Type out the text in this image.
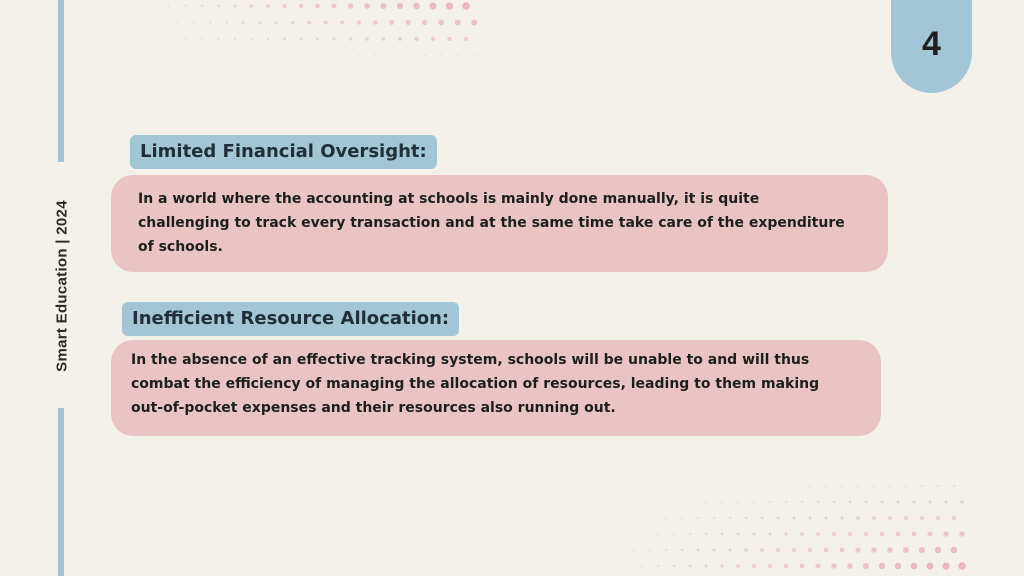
Smart Education | 2024
4
Limited Financial Oversight:
In a world where the accounting at schools is mainly done manually, it is quite challenging to track every transaction and at the same time take care of the expenditure of schools.
Inefficient Resource Allocation:
In the absence of an effective tracking system, schools will be unable to and will thus combat the efficiency of managing the allocation of resources, leading to them making out-of-pocket expenses and their resources also running out.
